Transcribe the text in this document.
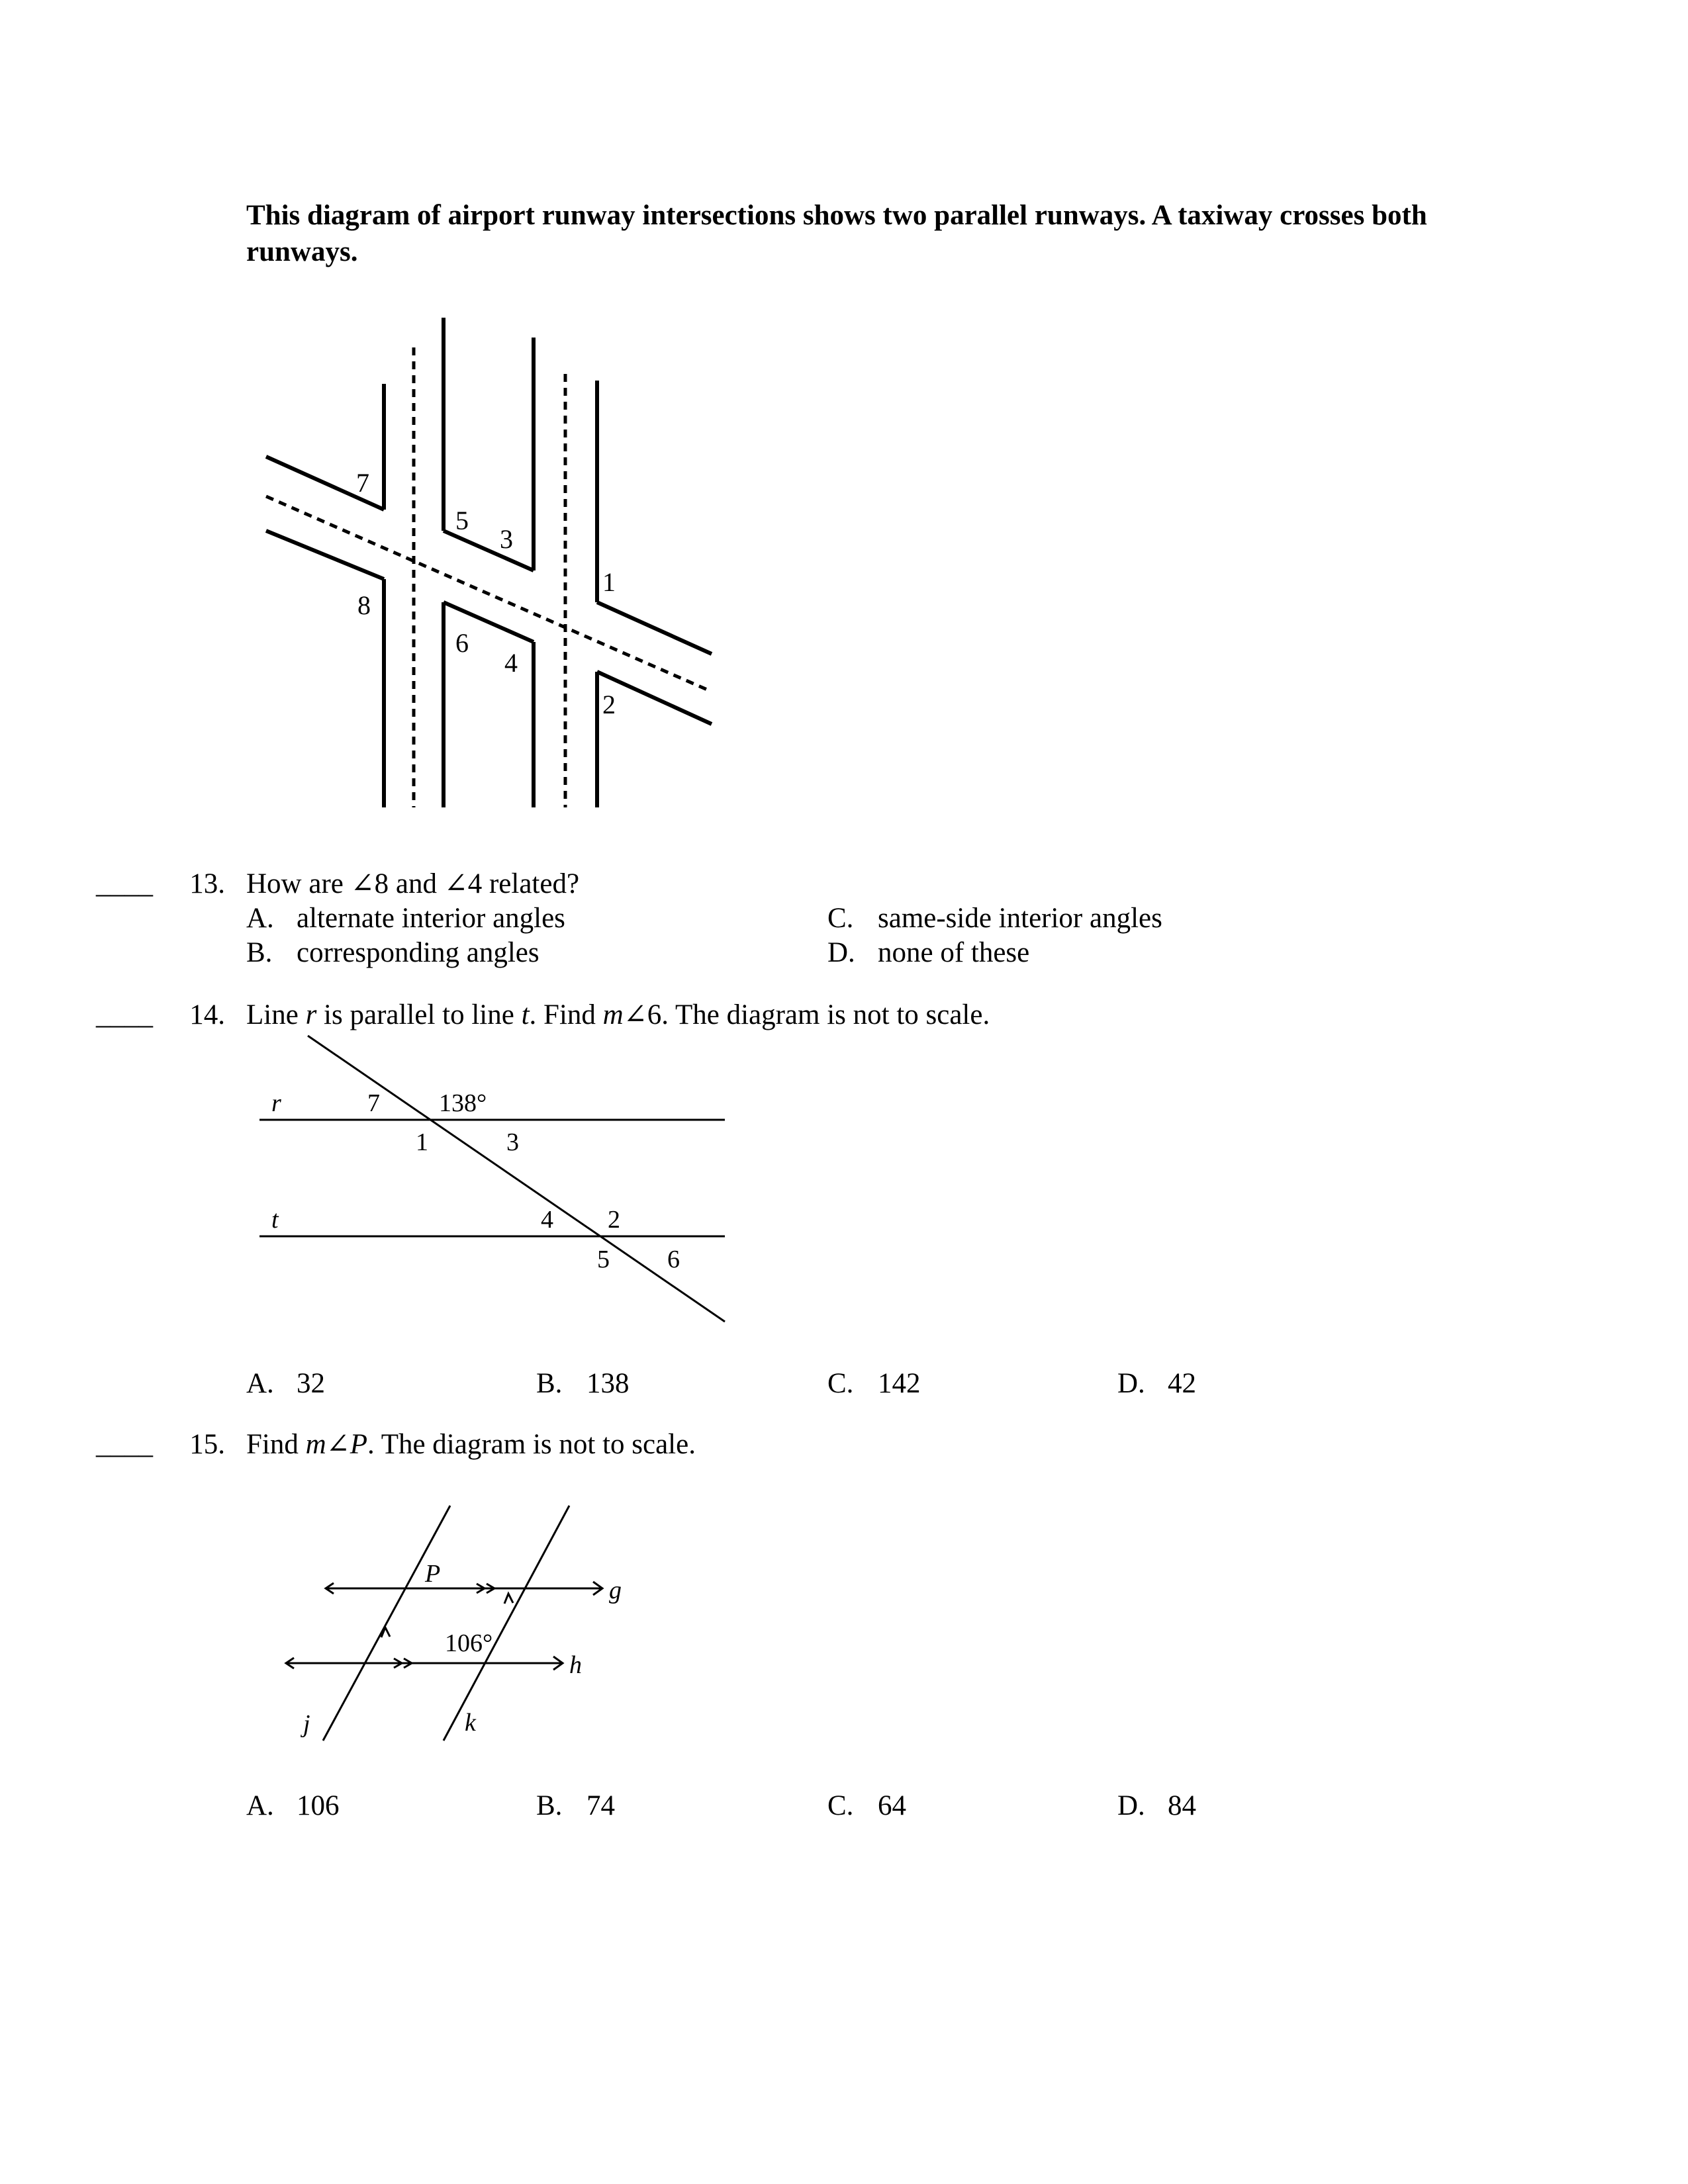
This diagram of airport runway intersections shows two parallel runways. A taxiway crosses both runways.
7
5
3
1
8
6
4
2
____	13. How are ∠8 and ∠4 related?
A. alternate interior angles
B. corresponding angles
C. same-side interior angles
D. none of these
____	14. Line r is parallel to line t. Find m∠6. The diagram is not to scale.
r
t
138°
7
1	3
4 2
5 6
A. 32	B. 138	C. 142	D. 42
____	15. Find m∠P. The diagram is not to scale.
P
106°
g
h
j	k
A. 106	B. 74	C. 64	D. 84
